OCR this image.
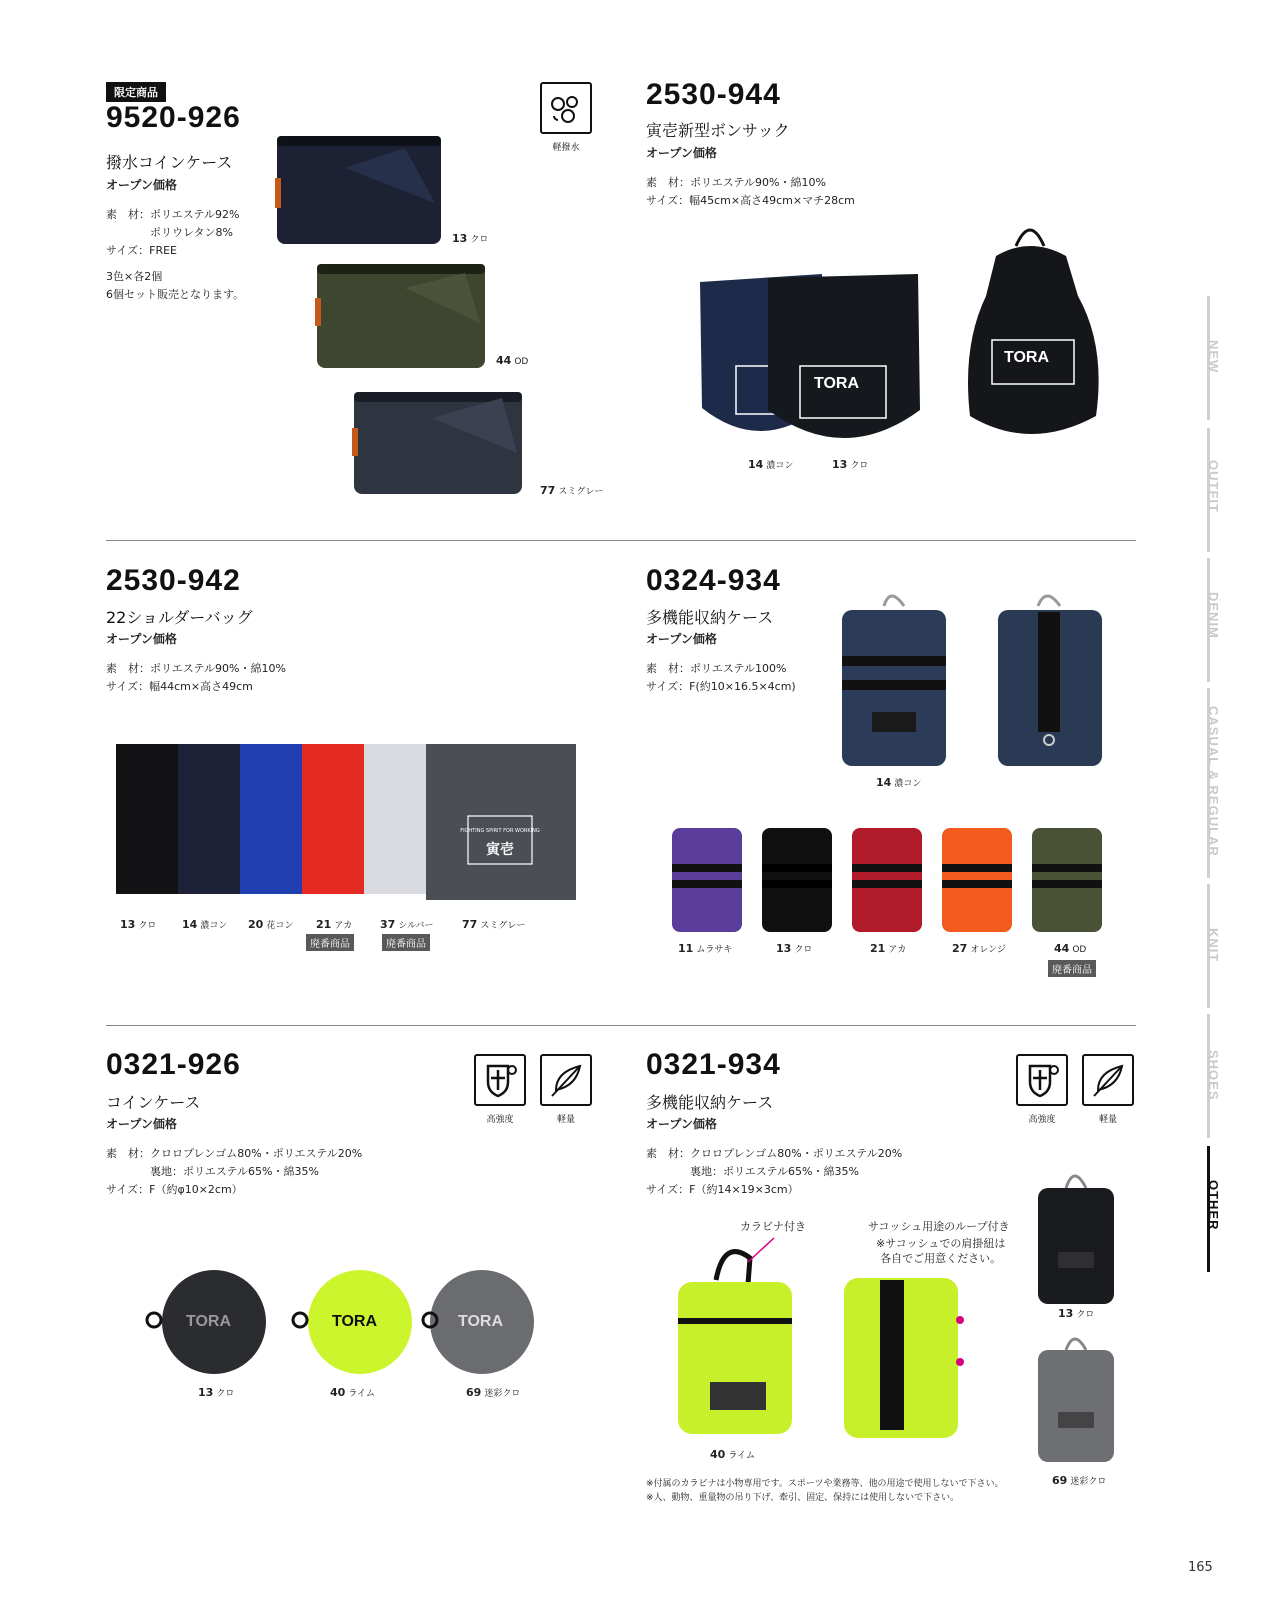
限定商品
9520-926
撥水コインケース
オープン価格
素　材：ポリエステル92%
　　　　ポリウレタン8%
サイズ：FREE
3色×各2個
6個セット販売となります。
軽撥水
13 クロ
44 OD
77 スミグレー
2530-944
寅壱新型ボンサック
オープン価格
素　材：ポリエステル90%・綿10%
サイズ：幅45cm×高さ49cm×マチ28cm
TORA
TORA
14 濃コン	13 クロ
2530-942
22ショルダーバッグ
オープン価格
素　材：ポリエステル90%・綿10%
サイズ：幅44cm×高さ49cm
FIGHTING SPIRIT FOR WORKING
寅壱
13 クロ 14 濃コン 20 花コン 21 アカ	37 シルバー	77 スミグレー
廃番商品	廃番商品
0324-934
多機能収納ケース
オープン価格
素　材：ポリエステル100%
サイズ：F(約10×16.5×4cm)
14 濃コン
11 ムラサキ	13 クロ	21 アカ	27 オレンジ	44 OD
廃番商品
0321-926
コインケース
オープン価格
素　材：クロロプレンゴム80%・ポリエステル20%
　　　　裏地：ポリエステル65%・綿35%
サイズ：F（約φ10×2cm）
高強度	軽量
TORA	TORA	TORA
13 クロ	40 ライム	69 迷彩クロ
0321-934
多機能収納ケース
オープン価格
素　材：クロロプレンゴム80%・ポリエステル20%
　　　　裏地：ポリエステル65%・綿35%
サイズ：F（約14×19×3cm）
高強度	軽量
カラビナ付き	サコッシュ用途のループ付き
※サコッシュでの肩掛紐は
各自でご用意ください。
40 ライム
13 クロ
69 迷彩クロ
※付属のカラビナは小物専用です。スポーツや業務等、他の用途で使用しないで下さい。
※人、動物、重量物の吊り下げ、牽引、固定、保持には使用しないで下さい。
NEW
OUTFIT
DENIM
CASUAL & REGULAR
KNIT
SHOES
OTHER
165
